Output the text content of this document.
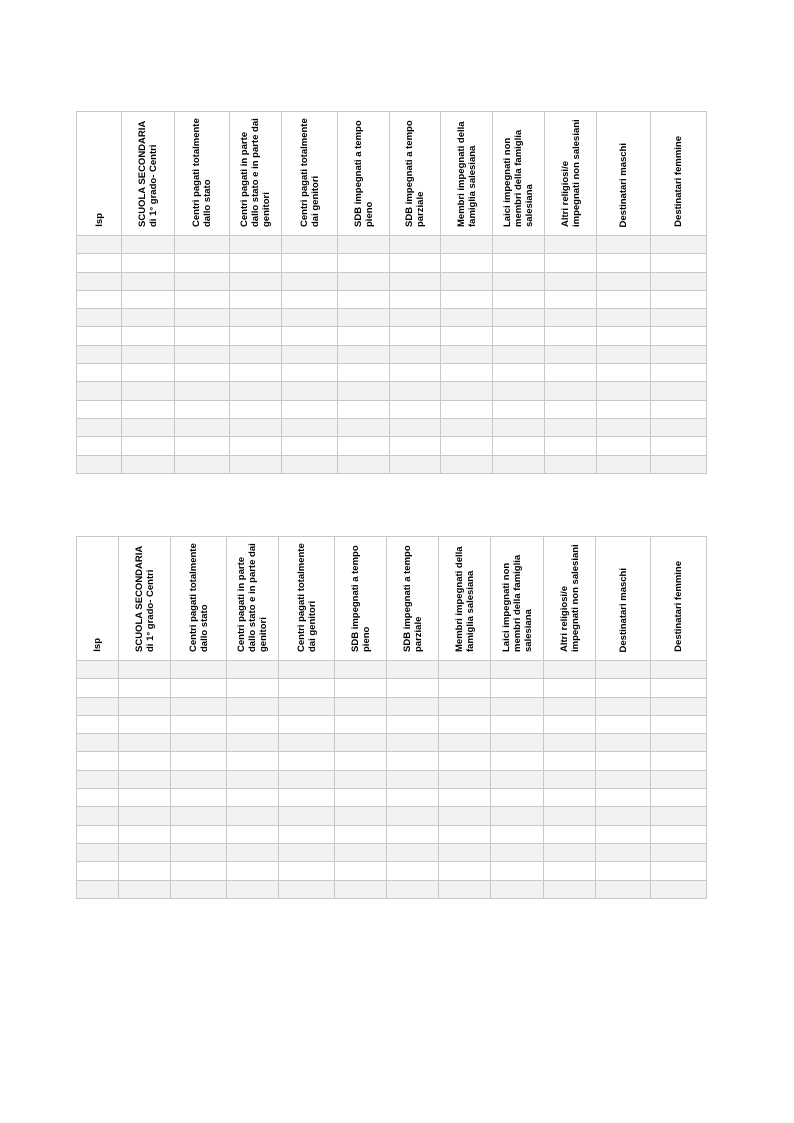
Isp	SCUOLA SECONDARIA di 1° grado- Centri	Centri pagati totalmente dallo stato	Centri pagati in parte dallo stato e in parte dai genitori	Centri pagati totalmente dai genitori	SDB impegnati a tempo pieno	SDB impegnati a tempo parziale	Membri impegnati della famiglia salesiana	Laici impegnati non membri della famiglia salesiana	Altri religiosi/e impegnati non salesiani	Destinatari maschi	Destinatari femmine

Isp	SCUOLA SECONDARIA di 1° grado- Centri	Centri pagati totalmente dallo stato	Centri pagati in parte dallo stato e in parte dai genitori	Centri pagati totalmente dai genitori	SDB impegnati a tempo pieno	SDB impegnati a tempo parziale	Membri impegnati della famiglia salesiana	Laici impegnati non membri della famiglia salesiana	Altri religiosi/e impegnati non salesiani	Destinatari maschi	Destinatari femmine
